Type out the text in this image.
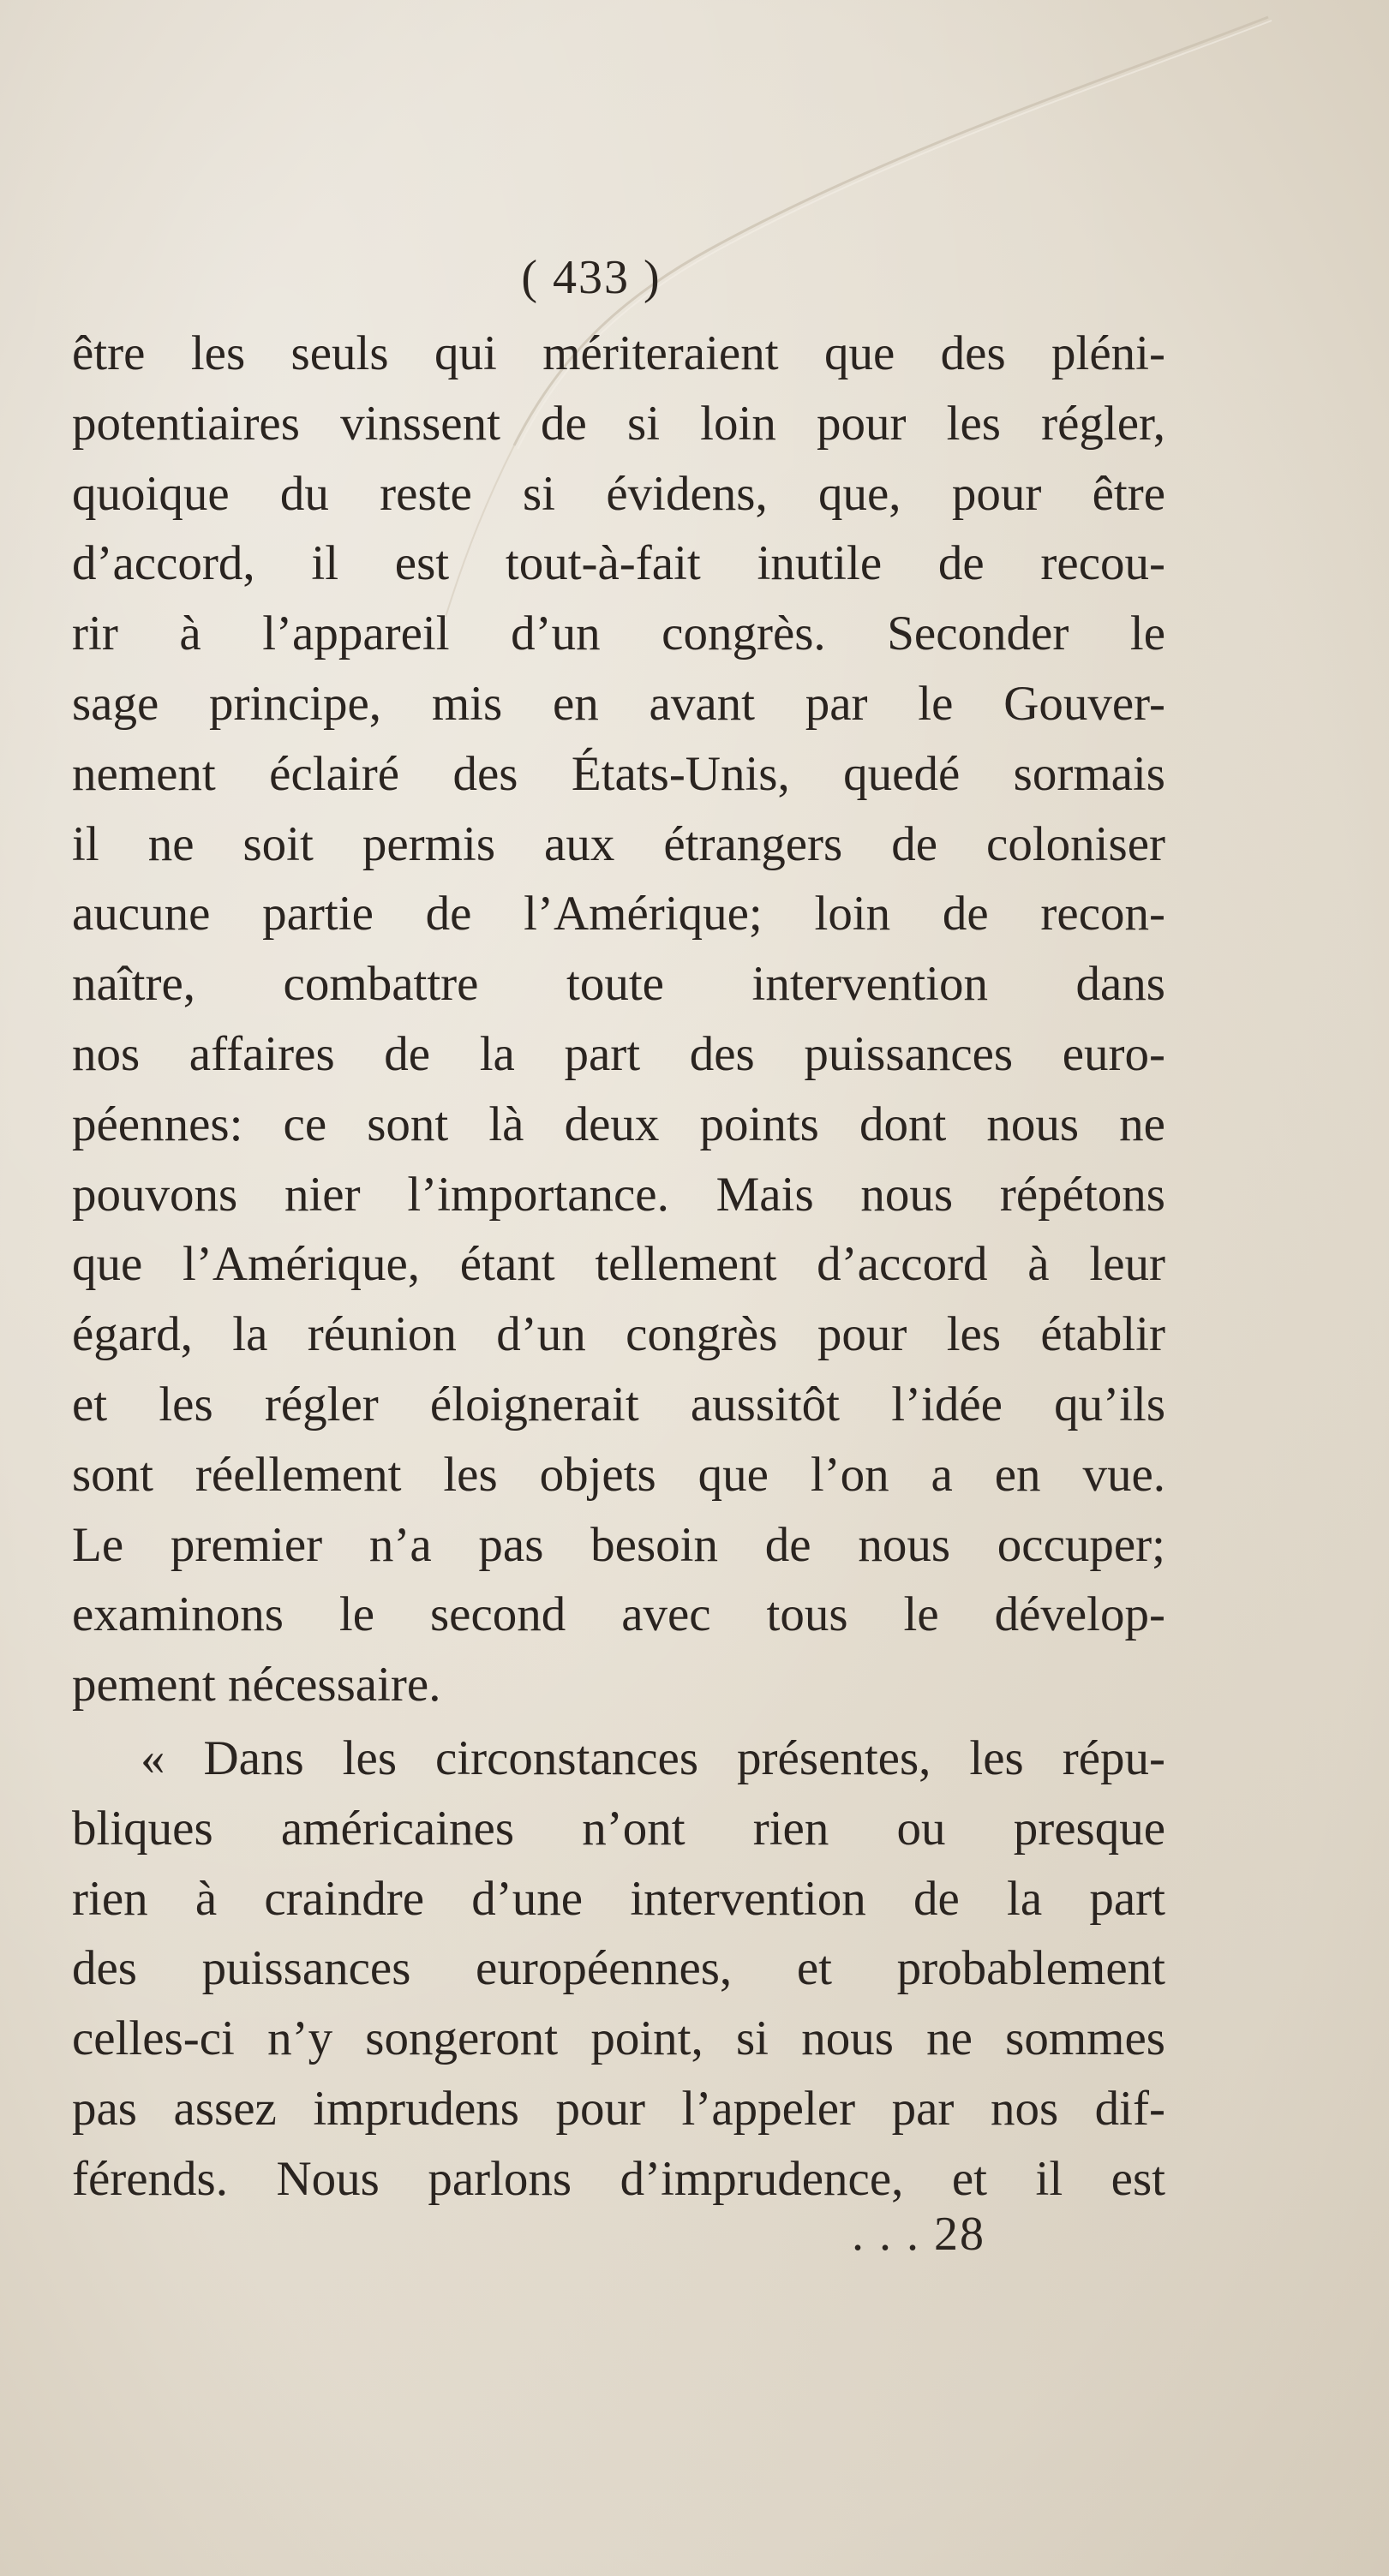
( 433 )
être les seuls qui mériteraient que des pléni-
potentiaires vinssent de si loin pour les régler,
quoique du reste si évidens, que, pour être
d’accord, il est tout-à-fait inutile de recou-
rir à l’appareil d’un congrès. Seconder le
sage principe, mis en avant par le Gouver-
nement éclairé des États-Unis, quedé sormais
il ne soit permis aux étrangers de coloniser
aucune partie de l’Amérique; loin de recon-
naître, combattre toute intervention dans
nos affaires de la part des puissances euro-
péennes: ce sont là deux points dont nous ne
pouvons nier l’importance. Mais nous répétons
que l’Amérique, étant tellement d’accord à leur
égard, la réunion d’un congrès pour les établir
et les régler éloignerait aussitôt l’idée qu’ils
sont réellement les objets que l’on a en vue.
Le premier n’a pas besoin de nous occuper;
examinons le second avec tous le dévelop-
pement nécessaire.
« Dans les circonstances présentes, les répu-
bliques américaines n’ont rien ou presque
rien à craindre d’une intervention de la part
des puissances européennes, et probablement
celles-ci n’y songeront point, si nous ne sommes
pas assez imprudens pour l’appeler par nos dif-
férends. Nous parlons d’imprudence, et il est
. . . 28
